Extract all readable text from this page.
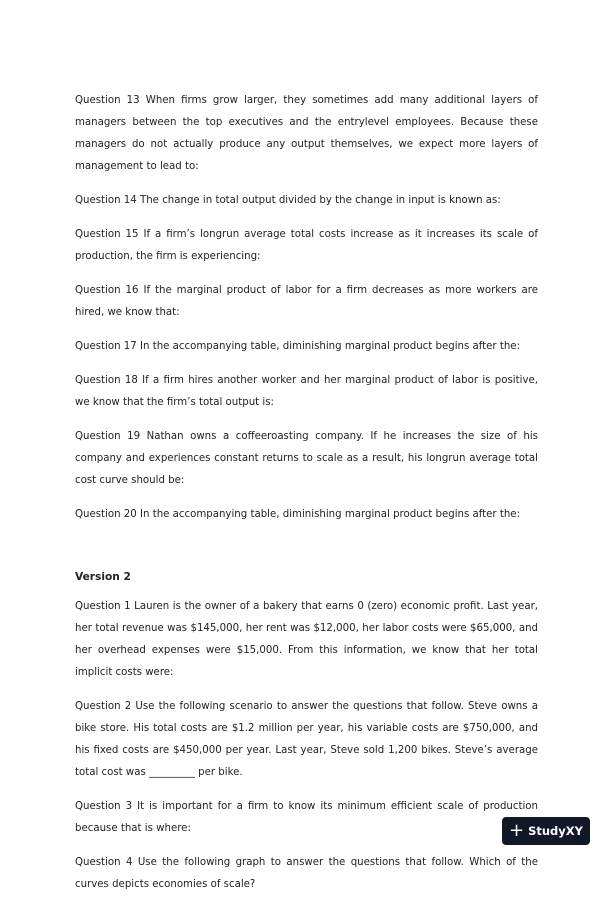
Question 13 When firms grow larger, they sometimes add many additional layers of managers between the top executives and the entrylevel employees. Because these managers do not actually produce any output themselves, we expect more layers of management to lead to:

Question 14 The change in total output divided by the change in input is known as:

Question 15 If a firm’s longrun average total costs increase as it increases its scale of production, the firm is experiencing:

Question 16 If the marginal product of labor for a firm decreases as more workers are hired, we know that:

Question 17 In the accompanying table, diminishing marginal product begins after the:

Question 18 If a firm hires another worker and her marginal product of labor is positive, we know that the firm’s total output is:

Question 19 Nathan owns a coffeeroasting company. If he increases the size of his company and experiences constant returns to scale as a result, his longrun average total cost curve should be:

Question 20 In the accompanying table, diminishing marginal product begins after the:

Version 2

Question 1 Lauren is the owner of a bakery that earns 0 (zero) economic profit. Last year, her total revenue was $145,000, her rent was $12,000, her labor costs were $65,000, and her overhead expenses were $15,000. From this information, we know that her total implicit costs were:

Question 2 Use the following scenario to answer the questions that follow. Steve owns a bike store. His total costs are $1.2 million per year, his variable costs are $750,000, and his fixed costs are $450,000 per year. Last year, Steve sold 1,200 bikes. Steve’s average total cost was _________ per bike.

Question 3 It is important for a firm to know its minimum efficient scale of production because that is where:

Question 4 Use the following graph to answer the questions that follow. Which of the curves depicts economies of scale?

+ StudyXY
